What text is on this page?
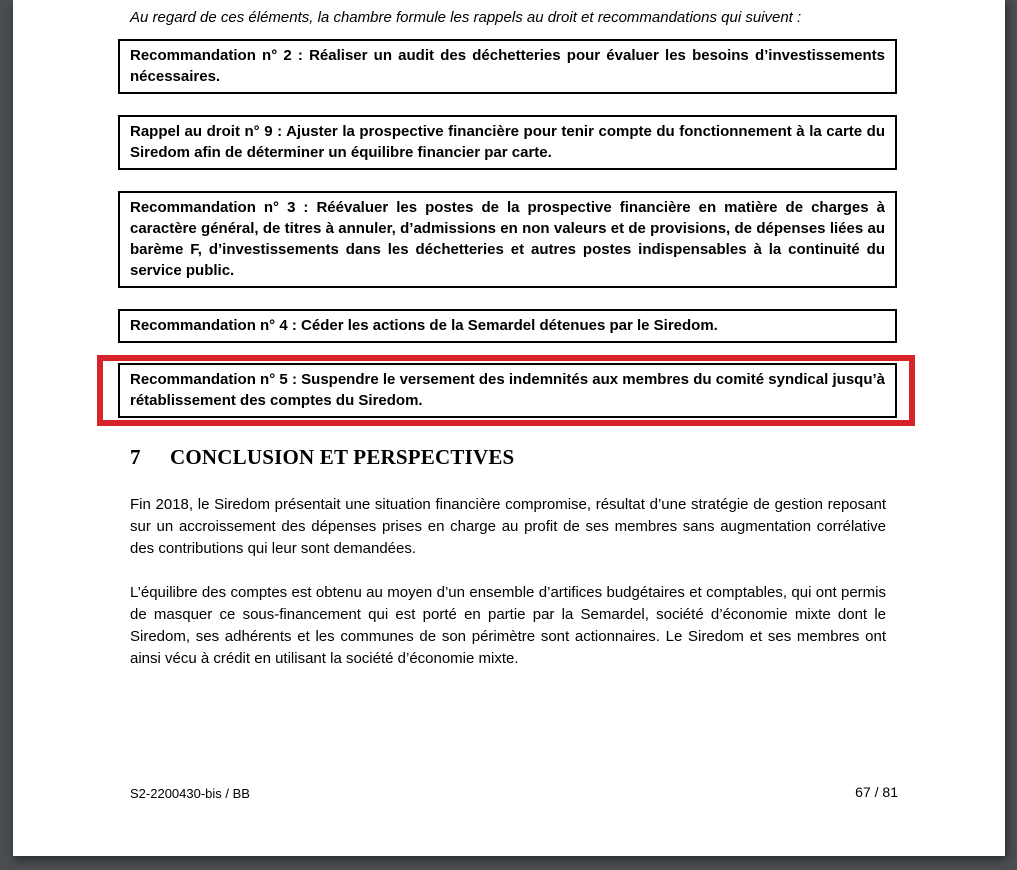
Au regard de ces éléments, la chambre formule les rappels au droit et recommandations qui suivent :

Recommandation n° 2 : Réaliser un audit des déchetteries pour évaluer les besoins d’investissements nécessaires.

Rappel au droit n° 9 : Ajuster la prospective financière pour tenir compte du fonctionnement à la carte du Siredom afin de déterminer un équilibre financier par carte.

Recommandation n° 3 : Réévaluer les postes de la prospective financière en matière de charges à caractère général, de titres à annuler, d’admissions en non valeurs et de provisions, de dépenses liées au barème F, d’investissements dans les déchetteries et autres postes indispensables à la continuité du service public.

Recommandation n° 4 : Céder les actions de la Semardel détenues par le Siredom.

Recommandation n° 5 : Suspendre le versement des indemnités aux membres du comité syndical jusqu’à rétablissement des comptes du Siredom.

7 CONCLUSION ET PERSPECTIVES

Fin 2018, le Siredom présentait une situation financière compromise, résultat d’une stratégie de gestion reposant sur un accroissement des dépenses prises en charge au profit de ses membres sans augmentation corrélative des contributions qui leur sont demandées.

L’équilibre des comptes est obtenu au moyen d’un ensemble d’artifices budgétaires et comptables, qui ont permis de masquer ce sous-financement qui est porté en partie par la Semardel, société d’économie mixte dont le Siredom, ses adhérents et les communes de son périmètre sont actionnaires. Le Siredom et ses membres ont ainsi vécu à crédit en utilisant la société d’économie mixte.

S2-2200430-bis / BB	67 / 81
